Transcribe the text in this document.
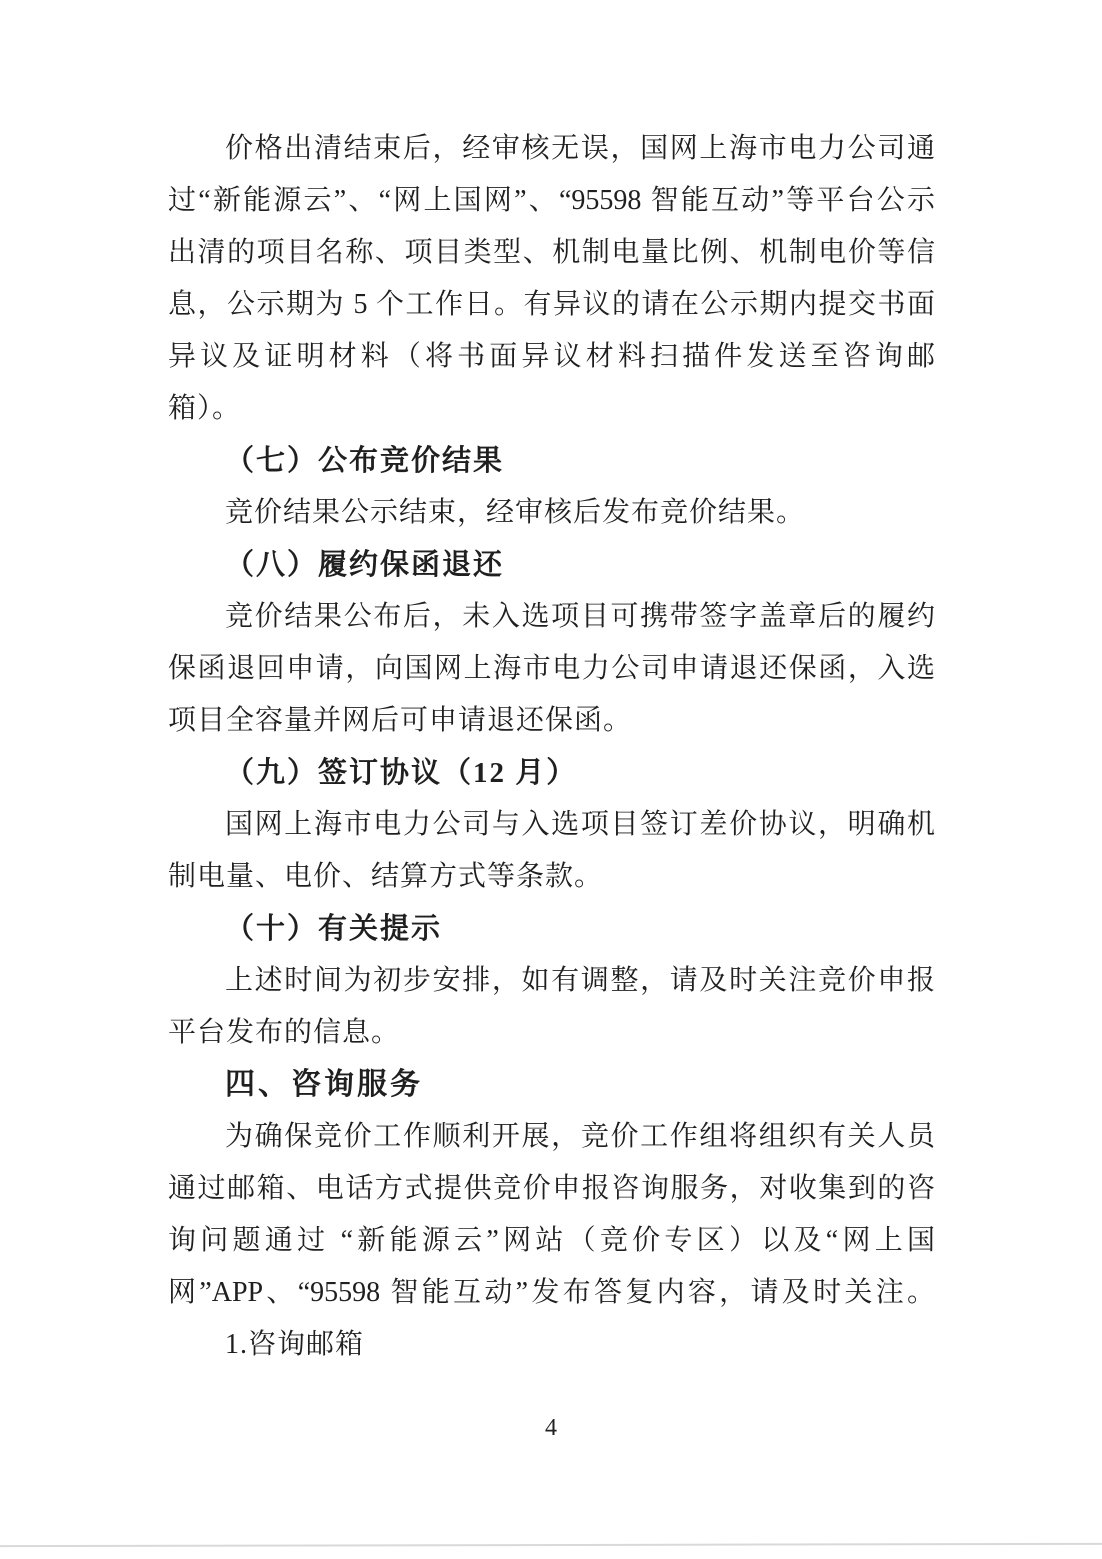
价格出清结束后，经审核无误，国网上海市电力公司通
过“新能源云”、“网上国网”、“95598 智能互动”等平台公示
出清的项目名称、项目类型、机制电量比例、机制电价等信
息，公示期为 5 个工作日。有异议的请在公示期内提交书面
异议及证明材料（将书面异议材料扫描件发送至咨询邮
箱）。
（七）公布竞价结果
竞价结果公示结束，经审核后发布竞价结果。
（八）履约保函退还
竞价结果公布后，未入选项目可携带签字盖章后的履约
保函退回申请，向国网上海市电力公司申请退还保函，入选
项目全容量并网后可申请退还保函。
（九）签订协议（12 月）
国网上海市电力公司与入选项目签订差价协议，明确机
制电量、电价、结算方式等条款。
（十）有关提示
上述时间为初步安排，如有调整，请及时关注竞价申报
平台发布的信息。
四、咨询服务
为确保竞价工作顺利开展，竞价工作组将组织有关人员
通过邮箱、电话方式提供竞价申报咨询服务，对收集到的咨
询问题通过 “新能源云”网站（竞价专区）以及“网上国
网”APP、“95598 智能互动”发布答复内容，请及时关注。
1.咨询邮箱
4
